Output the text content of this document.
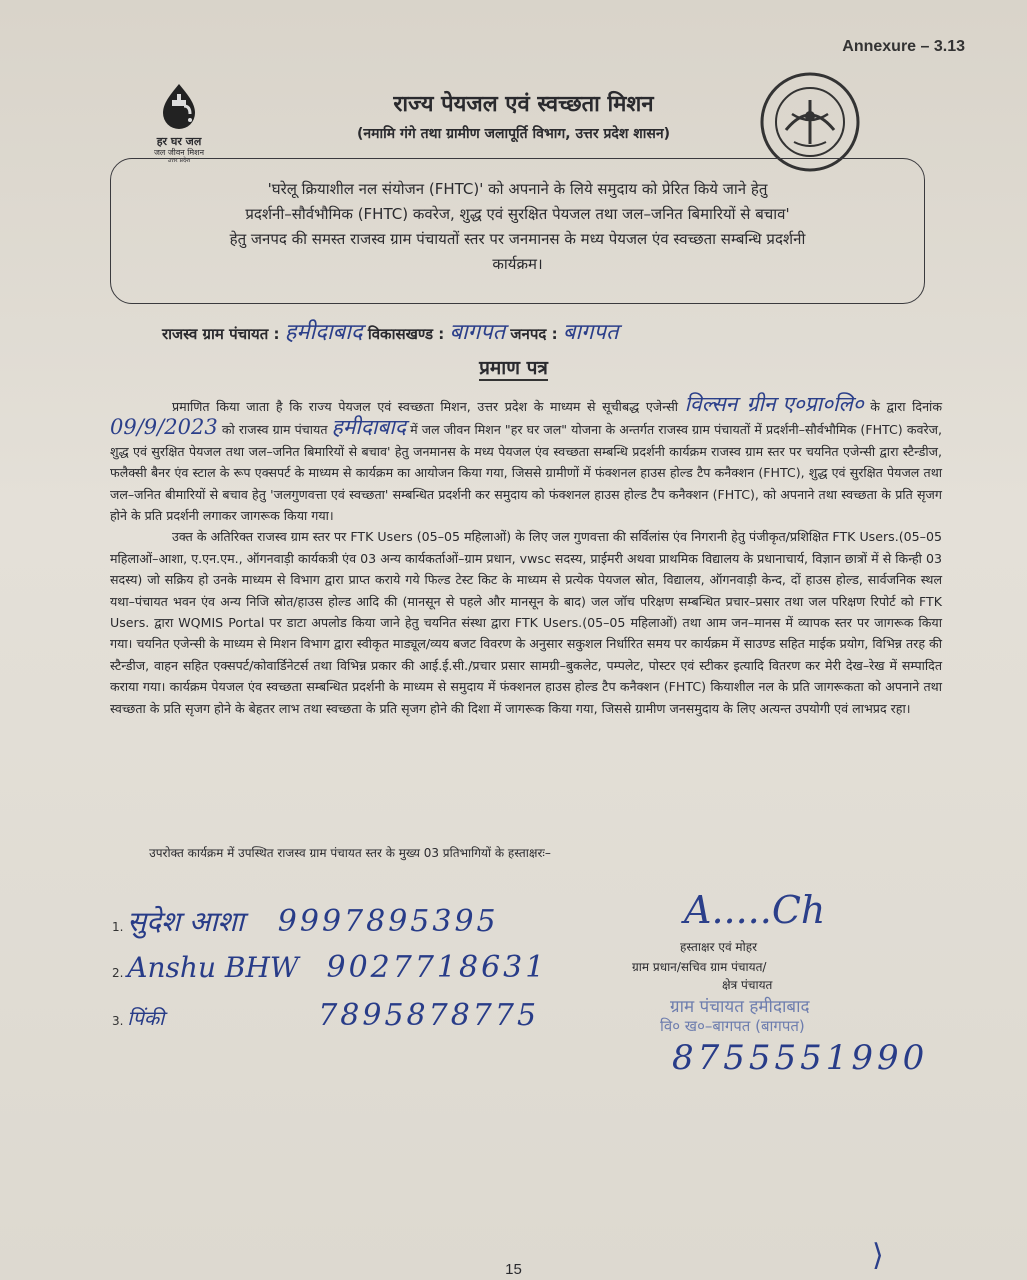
Annexure – 3.13
हर घर जल
जल जीवन मिशन
उत्तर प्रदेश
राज्य पेयजल एवं स्वच्छता मिशन
(नमामि गंगे तथा ग्रामीण जलापूर्ति विभाग, उत्तर प्रदेश शासन)
'घरेलू क्रियाशील नल संयोजन (FHTC)' को अपनाने के लिये समुदाय को प्रेरित किये जाने हेतु
प्रदर्शनी–सौर्वभौमिक (FHTC) कवरेज, शुद्ध एवं सुरक्षित पेयजल तथा जल–जनित बिमारियों से बचाव'
हेतु जनपद की समस्त राजस्व ग्राम पंचायतों स्तर पर जनमानस के मध्य पेयजल एंव स्वच्छता सम्बन्धि प्रदर्शनी
कार्यक्रम।
राजस्व ग्राम पंचायत : हमीदाबाद विकासखण्ड : बागपत जनपद : बागपत
प्रमाण पत्र

प्रमाणित किया जाता है कि राज्य पेयजल एवं स्वच्छता मिशन, उत्तर प्रदेश के माध्यम से सूचीबद्ध एजेन्सी विल्सन ग्रीन ए०प्रा०लि० के द्वारा दिनांक 09/9/2023 को राजस्व ग्राम पंचायत हमीदाबाद में जल जीवन मिशन "हर घर जल" योजना के अन्तर्गत राजस्व ग्राम पंचायतों में प्रदर्शनी–सौर्वभौमिक (FHTC) कवरेज, शुद्ध एवं सुरक्षित पेयजल तथा जल–जनित बिमारियों से बचाव' हेतु जनमानस के मध्य पेयजल एंव स्वच्छता सम्बन्धि प्रदर्शनी कार्यक्रम राजस्व ग्राम स्तर पर चयनित एजेन्सी द्वारा स्टैन्डीज, फलैक्सी बैनर एंव स्टाल के रूप एक्सपर्ट के माध्यम से कार्यक्रम का आयोजन किया गया, जिससे ग्रामीणों में फंक्शनल हाउस होल्ड टैप कनैक्शन (FHTC), शुद्ध एवं सुरक्षित पेयजल तथा जल–जनित बीमारियों से बचाव हेतु 'जलगुणवत्ता एवं स्वच्छता' सम्बन्धित प्रदर्शनी कर समुदाय को फंक्शनल हाउस होल्ड टैप कनैक्शन (FHTC), को अपनाने तथा स्वच्छता के प्रति सृजग होने के प्रति प्रदर्शनी लगाकर जागरूक किया गया।

उक्त के अतिरिक्त राजस्व ग्राम स्तर पर FTK Users (05–05 महिलाओं) के लिए जल गुणवत्ता की सर्विलांस एंव निगरानी हेतु पंजीकृत/प्रशिक्षित FTK Users.(05–05 महिलाओं–आशा, ए.एन.एम., ऑगनवाड़ी कार्यकत्री एंव 03 अन्य कार्यकर्ताओं–ग्राम प्रधान, vwsc सदस्य, प्राईमरी अथवा प्राथमिक विद्यालय के प्रधानाचार्य, विज्ञान छात्रों में से किन्ही 03 सदस्य) जो सक्रिय हो उनके माध्यम से विभाग द्वारा प्राप्त कराये गये फिल्ड टेस्ट किट के माध्यम से प्रत्येक पेयजल स्रोत, विद्यालय, ऑगनवाड़ी केन्द, दों हाउस होल्ड, सार्वजनिक स्थल यथा–पंचायत भवन एंव अन्य निजि स्रोत/हाउस होल्ड आदि की (मानसून से पहले और मानसून के बाद) जल जॉच परिक्षण सम्बन्धित प्रचार–प्रसार तथा जल परिक्षण रिपोर्ट को FTK Users. द्वारा WQMIS Portal पर डाटा अपलोड किया जाने हेतु चयनित संस्था द्वारा FTK Users.(05–05 महिलाओं) तथा आम जन–मानस में व्यापक स्तर पर जागरूक किया गया। चयनित एजेन्सी के माध्यम से मिशन विभाग द्वारा स्वीकृत माड्यूल/व्यय बजट विवरण के अनुसार सकुशल निर्धारित समय पर कार्यक्रम में साउण्ड सहित माईक प्रयोग, विभिन्न तरह की स्टैन्डीज, वाहन सहित एक्सपर्ट/कोवार्डिनेटर्स तथा विभिन्न प्रकार की आई.ई.सी./प्रचार प्रसार सामग्री–बुकलेट, पम्पलेट, पोस्टर एवं स्टीकर इत्यादि वितरण कर मेरी देख–रेख में सम्पादित कराया गया। कार्यक्रम पेयजल एंव स्वच्छता सम्बन्धित प्रदर्शनी के माध्यम से समुदाय में फंक्शनल हाउस होल्ड टैप कनैक्शन (FHTC) कियाशील नल के प्रति जागरूकता को अपनाने तथा स्वच्छता के प्रति सृजग होने के बेहतर लाभ तथा स्वच्छता के प्रति सृजग होने की दिशा में जागरूक किया गया, जिससे ग्रामीण जनसमुदाय के लिए अत्यन्त उपयोगी एवं लाभप्रद रहा।

उपरोक्त कार्यक्रम में उपस्थित राजस्व ग्राम पंचायत स्तर के मुख्य 03 प्रतिभागियों के हस्ताक्षरः–
1. सुदेश आशा 9997895395
2. Anshu BHW 9027718631
3. पिंकी	7895878775
A.....Ch
हस्ताक्षर एवं मोहर
ग्राम प्रधान/सचिव ग्राम पंचायत/
क्षेत्र पंचायत
ग्राम पंचायत हमीदाबाद
वि० ख०–बागपत (बागपत)
8755551990
⟩
15
